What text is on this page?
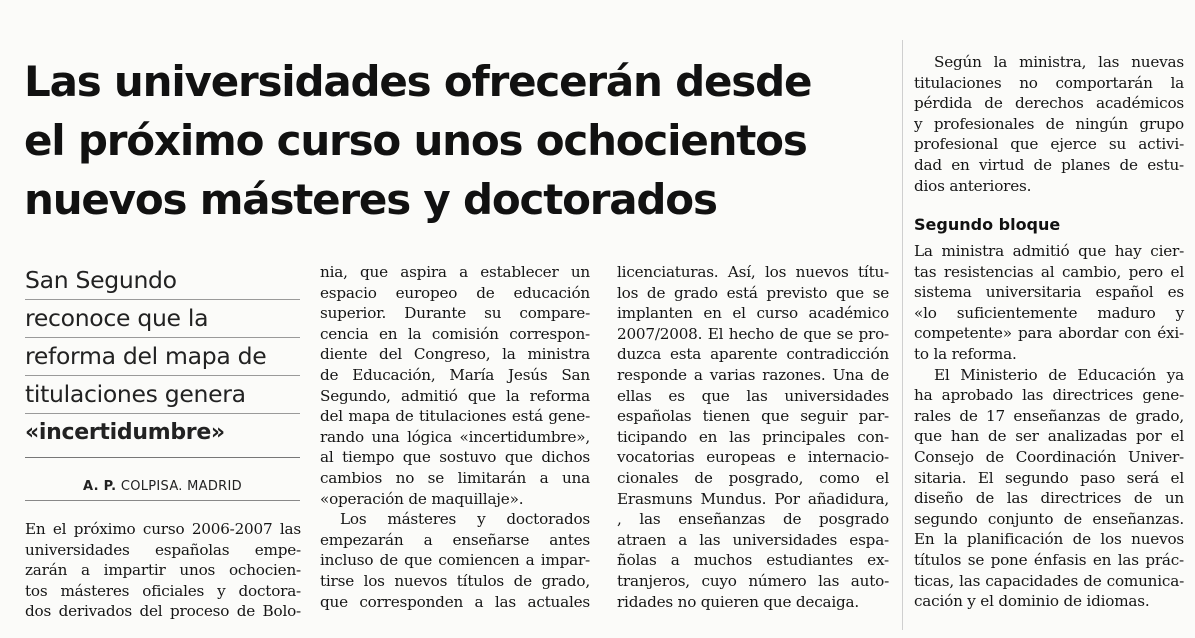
Las universidades ofrecerán desde
el próximo curso unos ochocientos
nuevos másteres y doctorados
San Segundo
reconoce que la
reforma del mapa de
titulaciones genera
«incertidumbre»
A. P. COLPISA. MADRID
En el próximo curso 2006-2007 las
universidades españolas empe-
zarán a impartir unos ochocien-
tos másteres oficiales y doctora-
dos derivados del proceso de Bolo-
nia, que aspira a establecer un
espacio europeo de educación
superior. Durante su compare-
cencia en la comisión correspon-
diente del Congreso, la ministra
de Educación, María Jesús San
Segundo, admitió que la reforma
del mapa de titulaciones está gene-
rando una lógica «incertidumbre»,
al tiempo que sostuvo que dichos
cambios no se limitarán a una
«operación de maquillaje».
Los másteres y doctorados
empezarán a enseñarse antes
incluso de que comiencen a impar-
tirse los nuevos títulos de grado,
que corresponden a las actuales
licenciaturas. Así, los nuevos títu-
los de grado está previsto que se
implanten en el curso académico
2007/2008. El hecho de que se pro-
duzca esta aparente contradicción
responde a varias razones. Una de
ellas es que las universidades
españolas tienen que seguir par-
ticipando en las principales con-
vocatorias europeas e internacio-
cionales de posgrado, como el
Erasmuns Mundus. Por añadidura,
, las enseñanzas de posgrado
atraen a las universidades espa-
ñolas a muchos estudiantes ex-
tranjeros, cuyo número las auto-
ridades no quieren que decaiga.
Según la ministra, las nuevas
titulaciones no comportarán la
pérdida de derechos académicos
y profesionales de ningún grupo
profesional que ejerce su activi-
dad en virtud de planes de estu-
dios anteriores.
Segundo bloque
La ministra admitió que hay cier-
tas resistencias al cambio, pero el
sistema universitaria español es
«lo suficientemente maduro y
competente» para abordar con éxi-
to la reforma.
El Ministerio de Educación ya
ha aprobado las directrices gene-
rales de 17 enseñanzas de grado,
que han de ser analizadas por el
Consejo de Coordinación Univer-
sitaria. El segundo paso será el
diseño de las directrices de un
segundo conjunto de enseñanzas.
En la planificación de los nuevos
títulos se pone énfasis en las prác-
ticas, las capacidades de comunica-
cación y el dominio de idiomas.
